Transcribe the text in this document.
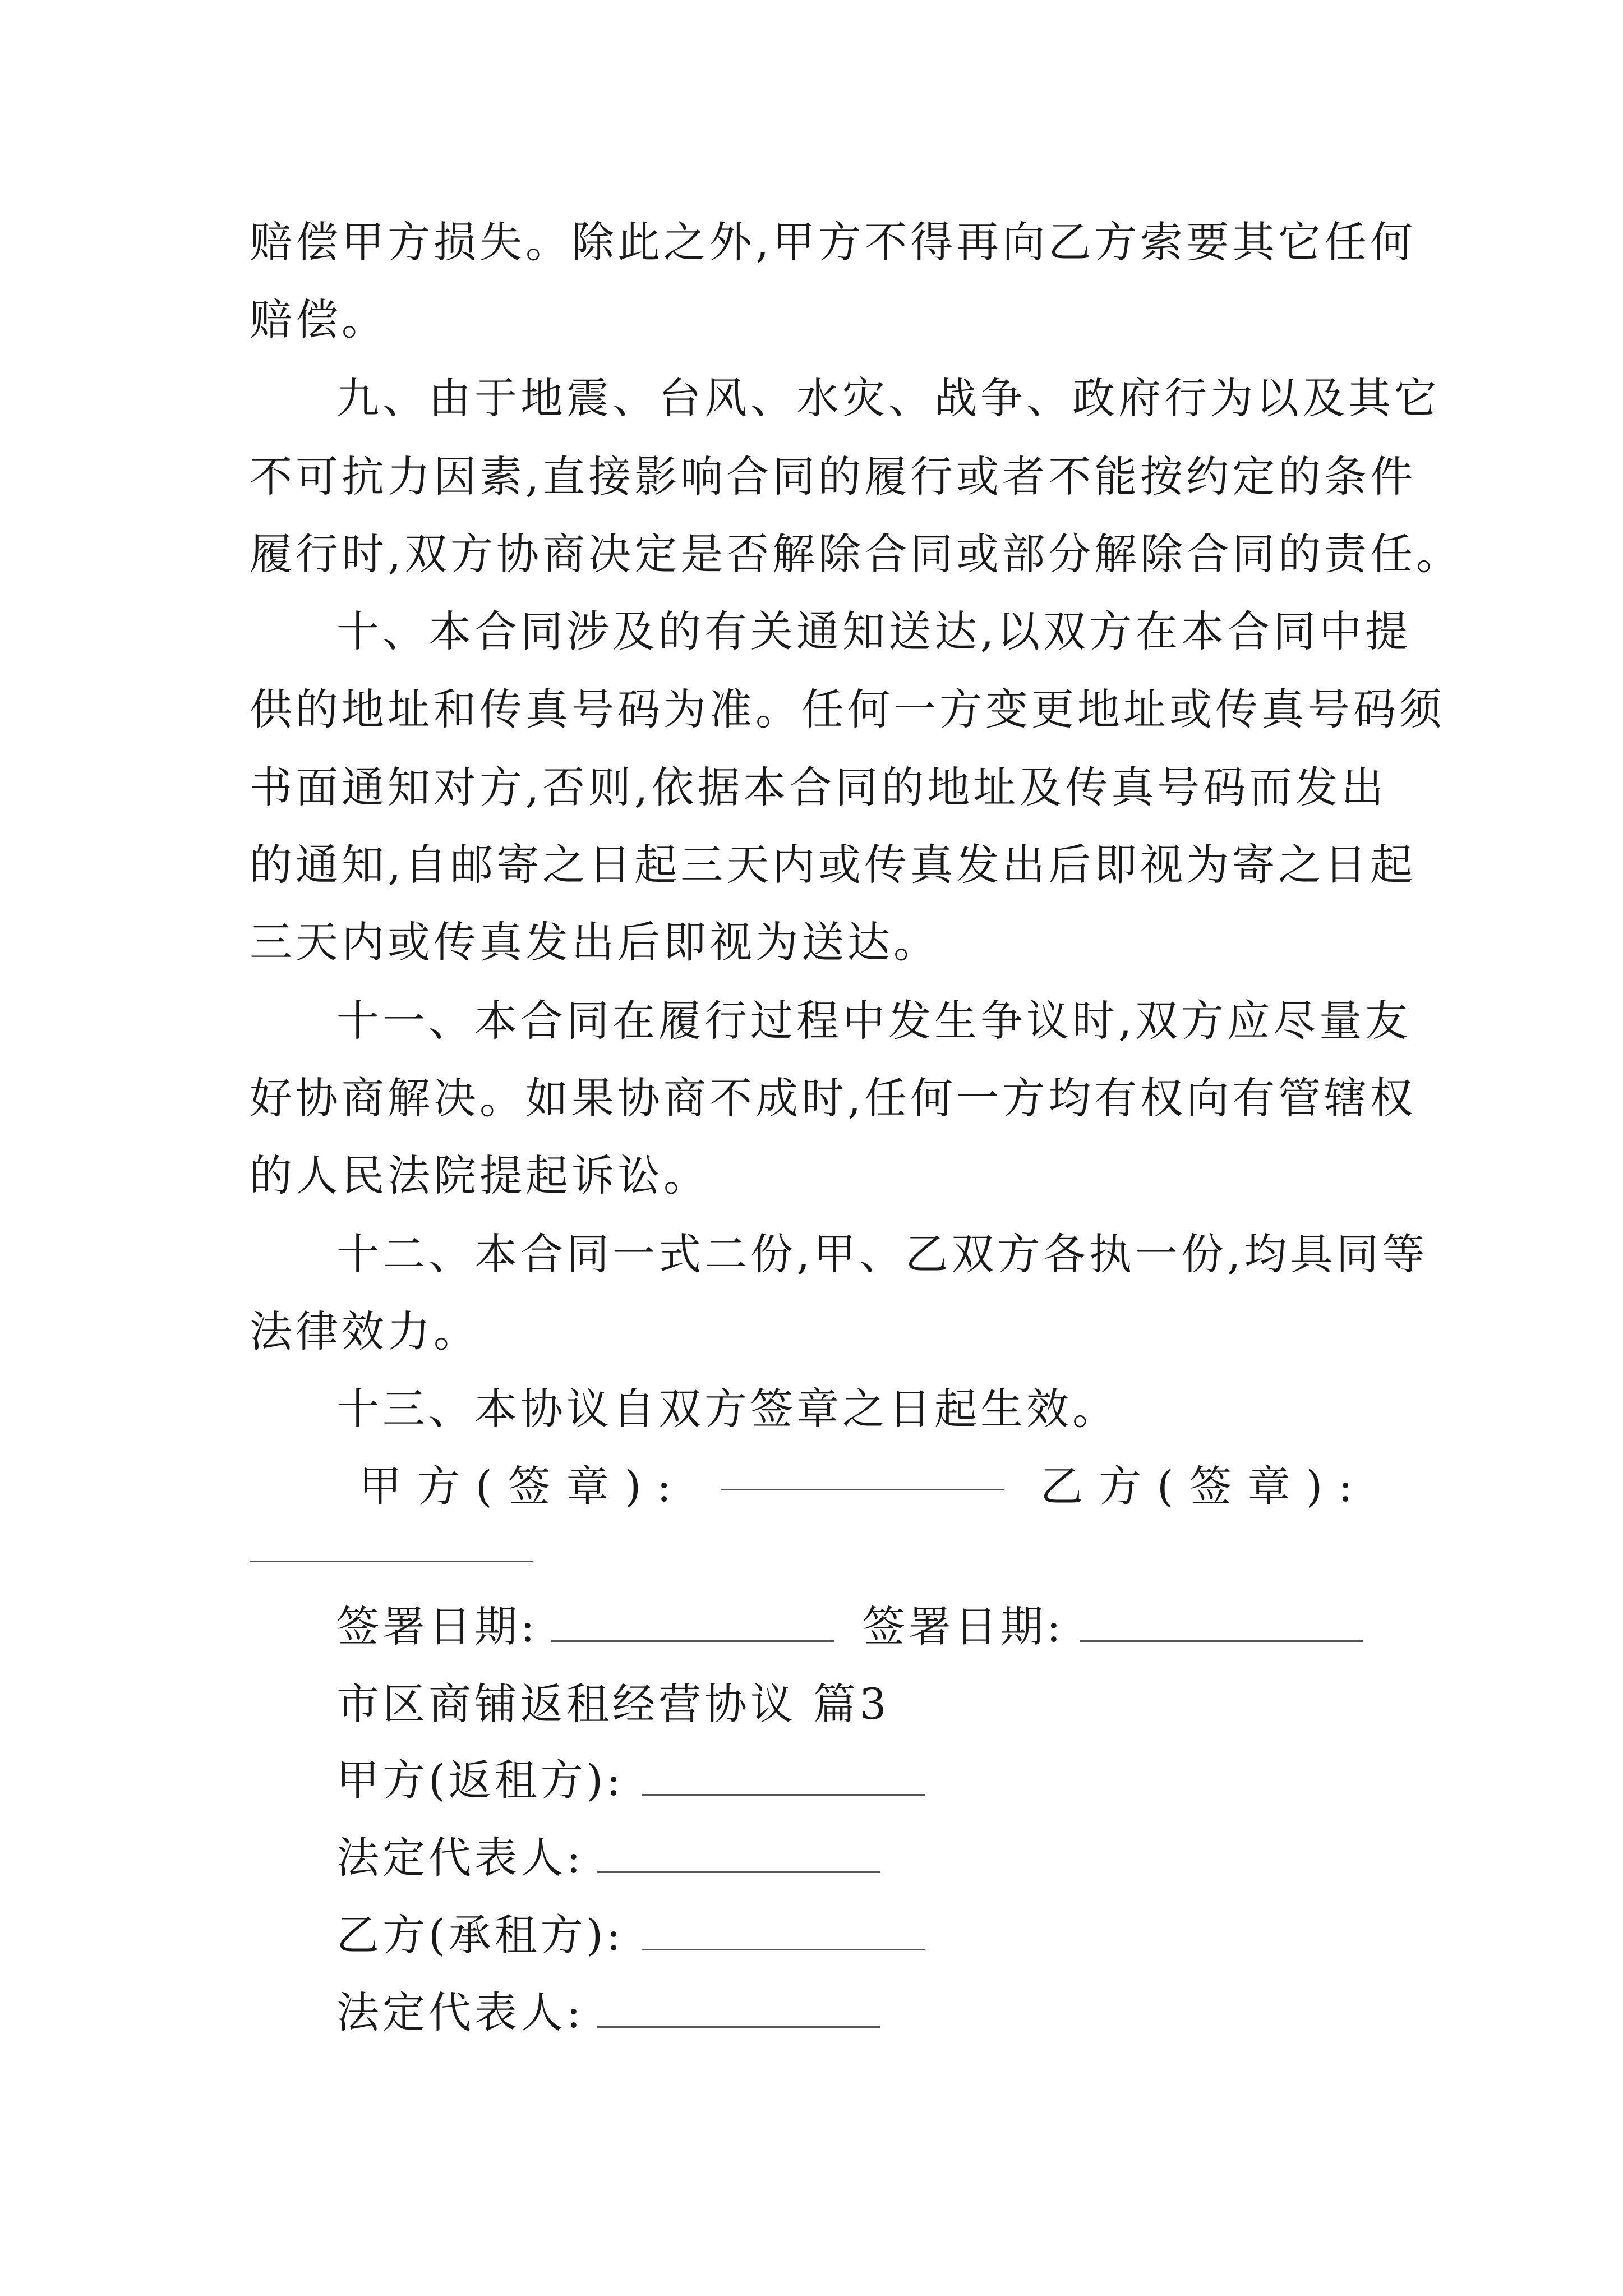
赔偿甲方损失。除此之外,甲方不得再向乙方索要其它任何
赔偿。
九、由于地震、台风、水灾、战争、政府行为以及其它
不可抗力因素,直接影响合同的履行或者不能按约定的条件
履行时,双方协商决定是否解除合同或部分解除合同的责任。
十、本合同涉及的有关通知送达,以双方在本合同中提
供的地址和传真号码为准。任何一方变更地址或传真号码须
书面通知对方,否则,依据本合同的地址及传真号码而发出
的通知,自邮寄之日起三天内或传真发出后即视为寄之日起
三天内或传真发出后即视为送达。
十一、本合同在履行过程中发生争议时,双方应尽量友
好协商解决。如果协商不成时,任何一方均有权向有管辖权
的人民法院提起诉讼。
十二、本合同一式二份,甲、乙双方各执一份,均具同等
法律效力。
十三、本协议自双方签章之日起生效。
甲方(签章):	乙方(签章):
签署日期:	签署日期:
市区商铺返租经营协议 篇3
甲方(返租方):
法定代表人:
乙方(承租方):
法定代表人:
